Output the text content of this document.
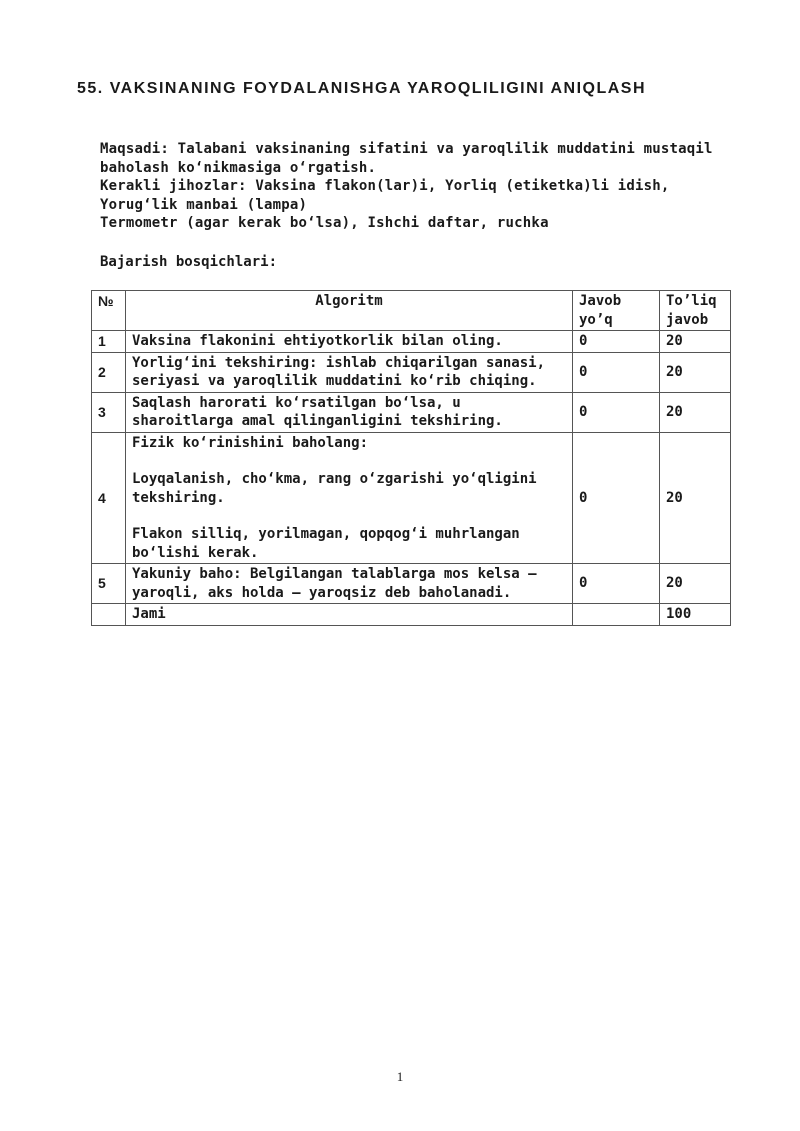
55. VAKSINANING FOYDALANISHGA YAROQLILIGINI ANIQLASH

Maqsadi: Talabani vaksinaning sifatini va yaroqlilik muddatini mustaqil baholash ko‘nikmasiga o‘rgatish.

Kerakli jihozlar: Vaksina flakon(lar)i, Yorliq (etiketka)li idish, Yorug‘lik manbai (lampa)

Termometr (agar kerak bo‘lsa), Ishchi daftar, ruchka

Bajarish bosqichlari:

№	Algoritm	Javob yo’q	To’liq javob
1	Vaksina flakonini ehtiyotkorlik bilan oling.	0	20
2	Yorlig‘ini tekshiring: ishlab chiqarilgan sanasi, seriyasi va yaroqlilik muddatini ko‘rib chiqing.	0	20
3	Saqlash harorati ko‘rsatilgan bo‘lsa, u sharoitlarga amal qilinganligini tekshiring.	0	20
4	Fizik ko‘rinishini baholang:

Loyqalanish, cho‘kma, rang o‘zgarishi yo‘qligini tekshiring.

Flakon silliq, yorilmagan, qopqog‘i muhrlangan bo‘lishi kerak.	0	20
5	Yakuniy baho: Belgilangan talablarga mos kelsa — yaroqli, aks holda — yaroqsiz deb baholanadi.	0	20
	Jami		100
1
